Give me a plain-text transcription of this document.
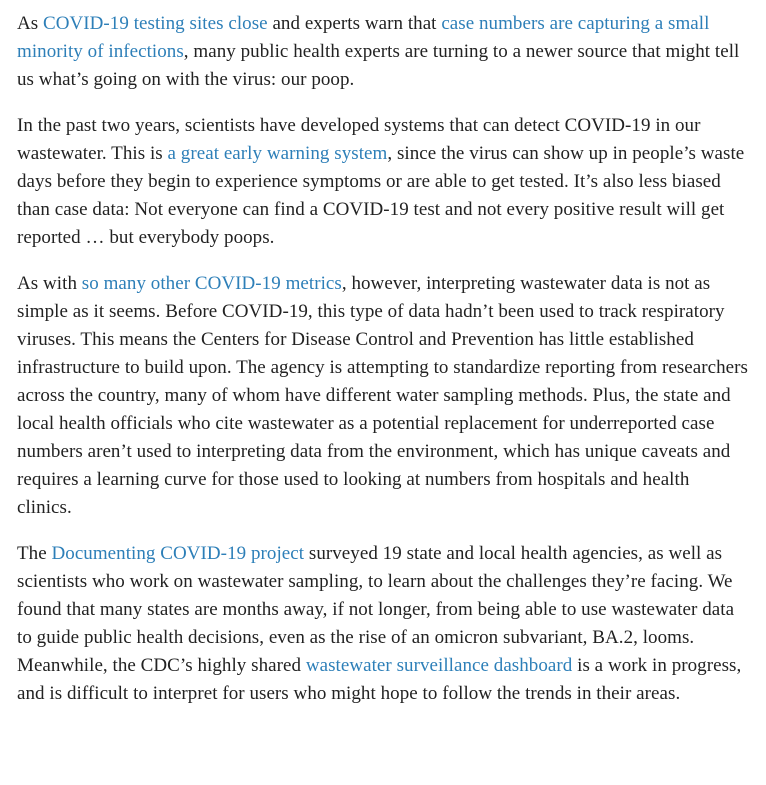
As COVID-19 testing sites close and experts warn that case numbers are capturing a small minority of infections, many public health experts are turning to a newer source that might tell us what’s going on with the virus: our poop.

In the past two years, scientists have developed systems that can detect COVID-19 in our wastewater. This is a great early warning system, since the virus can show up in people’s waste days before they begin to experience symptoms or are able to get tested. It’s also less biased than case data: Not everyone can find a COVID-19 test and not every positive result will get reported … but everybody poops.

As with so many other COVID-19 metrics, however, interpreting wastewater data is not as simple as it seems. Before COVID-19, this type of data hadn’t been used to track respiratory viruses. This means the Centers for Disease Control and Prevention has little established infrastructure to build upon. The agency is attempting to standardize reporting from researchers across the country, many of whom have different water sampling methods. Plus, the state and local health officials who cite wastewater as a potential replacement for underreported case numbers aren’t used to interpreting data from the environment, which has unique caveats and requires a learning curve for those used to looking at numbers from hospitals and health clinics.

The Documenting COVID-19 project surveyed 19 state and local health agencies, as well as scientists who work on wastewater sampling, to learn about the challenges they’re facing. We found that many states are months away, if not longer, from being able to use wastewater data to guide public health decisions, even as the rise of an omicron subvariant, BA.2, looms. Meanwhile, the CDC’s highly shared wastewater surveillance dashboard is a work in progress, and is difficult to interpret for users who might hope to follow the trends in their areas.
